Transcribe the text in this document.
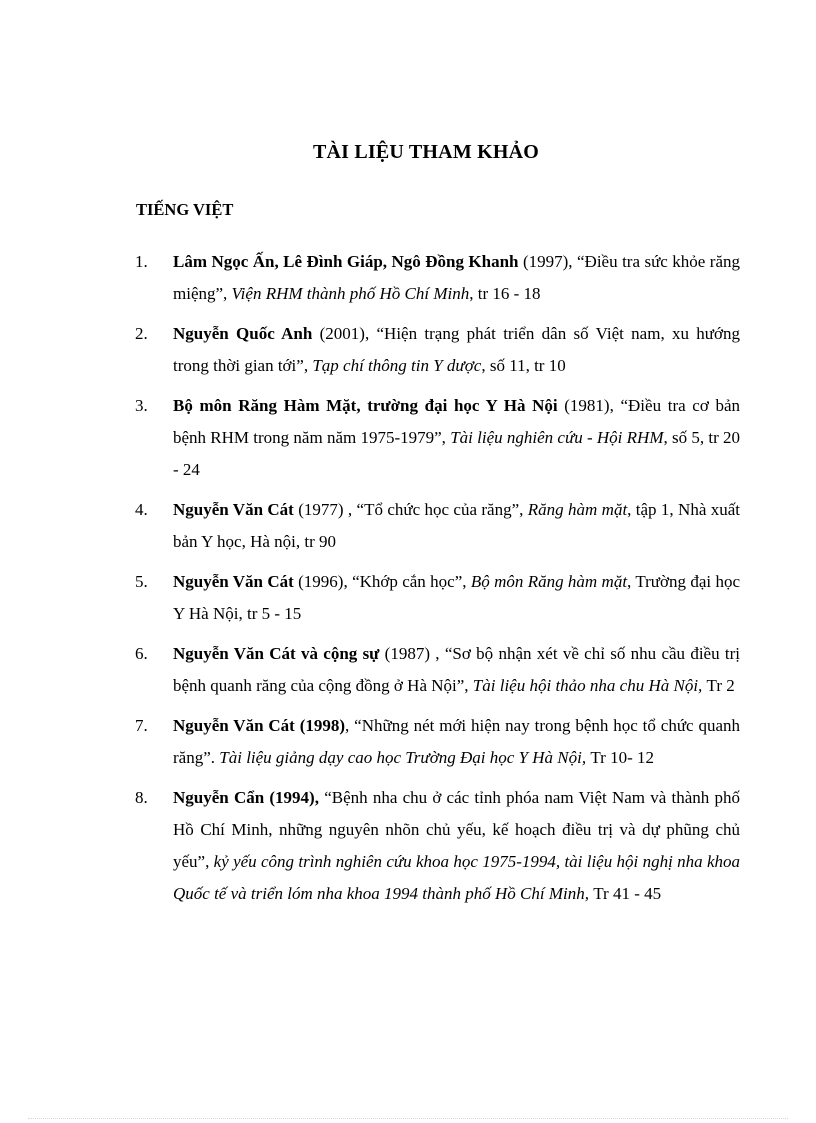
TÀI LIỆU THAM KHẢO
TIẾNG VIỆT
1. Lâm Ngọc Ấn, Lê Đình Giáp, Ngô Đồng Khanh (1997), “Điều tra sức khỏe răng miệng”, Viện RHM thành phố Hồ Chí Minh, tr 16 - 18
2. Nguyễn Quốc Anh (2001), “Hiện trạng phát triển dân số Việt nam, xu hướng trong thời gian tới”, Tạp chí thông tin Y dược, số 11, tr 10
3. Bộ môn Răng Hàm Mặt, trường đại học Y Hà Nội (1981), “Điều tra cơ bản bệnh RHM trong năm năm 1975-1979”, Tài liệu nghiên cứu - Hội RHM, số 5, tr 20 - 24
4. Nguyễn Văn Cát (1977) , “Tổ chức học của răng”, Răng hàm mặt, tập 1, Nhà xuất bản Y học, Hà nội, tr 90
5. Nguyễn Văn Cát (1996), “Khớp cắn học”, Bộ môn Răng hàm mặt, Trường đại học Y Hà Nội, tr 5 - 15
6. Nguyễn Văn Cát và cộng sự (1987) , “Sơ bộ nhận xét về chỉ số nhu cầu điều trị bệnh quanh răng của cộng đồng ở Hà Nội”, Tài liệu hội thảo nha chu Hà Nội, Tr 2
7. Nguyễn Văn Cát (1998), “Những nét mới hiện nay trong bệnh học tổ chức quanh răng”. Tài liệu giảng dạy cao học Trường Đại học Y Hà Nội, Tr 10- 12
8. Nguyễn Cẩn (1994), “Bệnh nha chu ở các tỉnh phóa nam Việt Nam và thành phố Hồ Chí Minh, những nguyên nhõn chủ yếu, kế hoạch điều trị và dự phũng chủ yếu”, kỷ yếu công trình nghiên cứu khoa học 1975-1994, tài liệu hội nghị nha khoa Quốc tế và triển lóm nha khoa 1994 thành phố Hồ Chí Minh, Tr 41 - 45
